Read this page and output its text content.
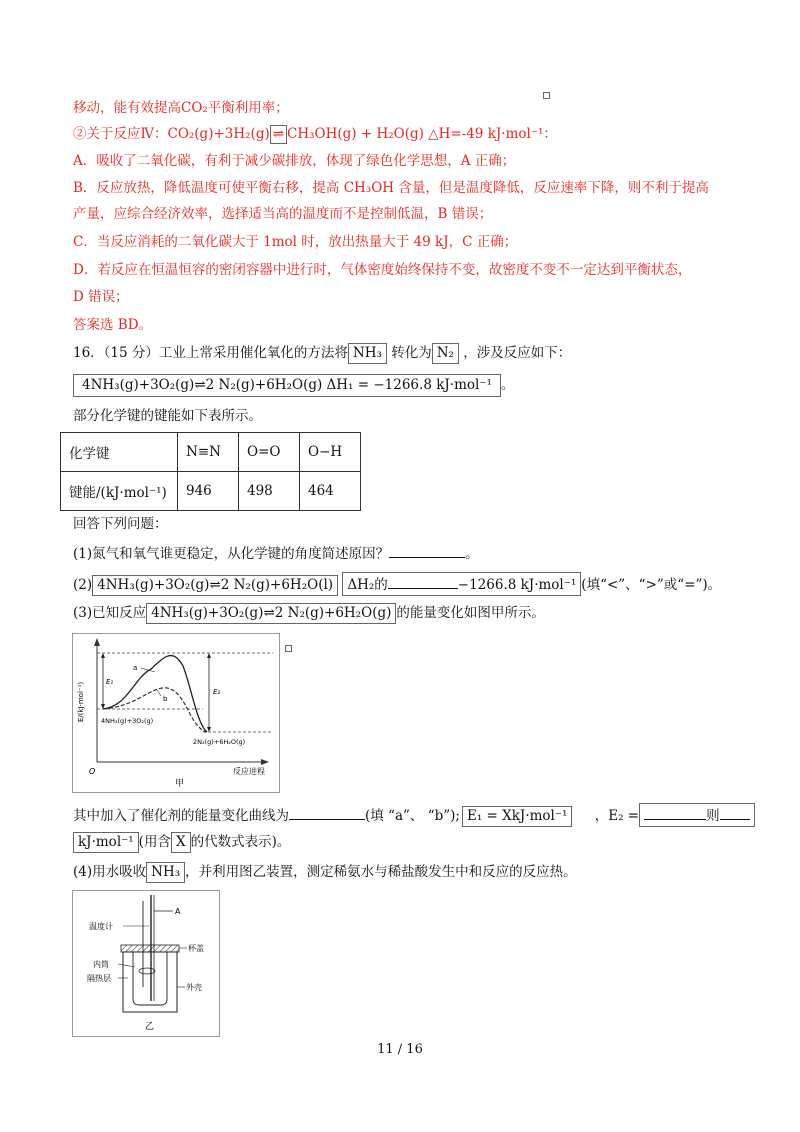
移动，能有效提高CO₂平衡利用率；
②关于反应Ⅳ：CO₂(g)+3H₂(g) ⇌ CH₃OH(g) + H₂O(g) △H=-49 kJ·mol⁻¹：
A．吸收了二氧化碳，有利于减少碳排放，体现了绿色化学思想，A 正确；
B．反应放热，降低温度可使平衡右移，提高 CH₃OH 含量，但是温度降低，反应速率下降，则不利于提高
产量，应综合经济效率，选择适当高的温度而不是控制低温，B 错误；
C．当反应消耗的二氧化碳大于 1mol 时，放出热量大于 49 kJ，C 正确；
D．若反应在恒温恒容的密闭容器中进行时，气体密度始终保持不变，故密度不变不一定达到平衡状态，
D 错误；
答案选 BD。
16．（15 分）工业上常采用催化氧化的方法将 NH₃ 转化为 N₂ ，涉及反应如下：
4NH₃(g)+3O₂(g)⇌2 N₂(g)+6H₂O(g) ΔH₁ = −1266.8 kJ·mol⁻¹ 。
部分化学键的键能如下表所示。
化学键	N≡N	O=O	O−H
键能/(kJ·mol⁻¹)	946	498	464
回答下列问题：
(1)氮气和氧气谁更稳定，从化学键的角度简述原因？	。
(2) 4NH₃(g)+3O₂(g)⇌2 N₂(g)+6H₂O(l) ΔH₂的	−1266.8 kJ·mol⁻¹ (填“<”、“>”或“=”)。
(3)已知反应 4NH₃(g)+3O₂(g)⇌2 N₂(g)+6H₂O(g) 的能量变化如图甲所示。
E/(kJ·mol⁻¹)	E₁
E₂
a
b
4NH₃(g)+3O₂(g)
2N₂(g)+6H₂O(g)
O	反应进程
甲
其中加入了催化剂的能量变化曲线为	(填 “a”、 “b”); E₁ = XkJ·mol⁻¹ ，E₂ =	则
kJ·mol⁻¹ (用含 X 的代数式表示)。
(4)用水吸收 NH₃ ，并利用图乙装置，测定稀氨水与稀盐酸发生中和反应的反应热。
A
温度计
杯盖
内筒
隔热层
外壳
乙
11 / 16
